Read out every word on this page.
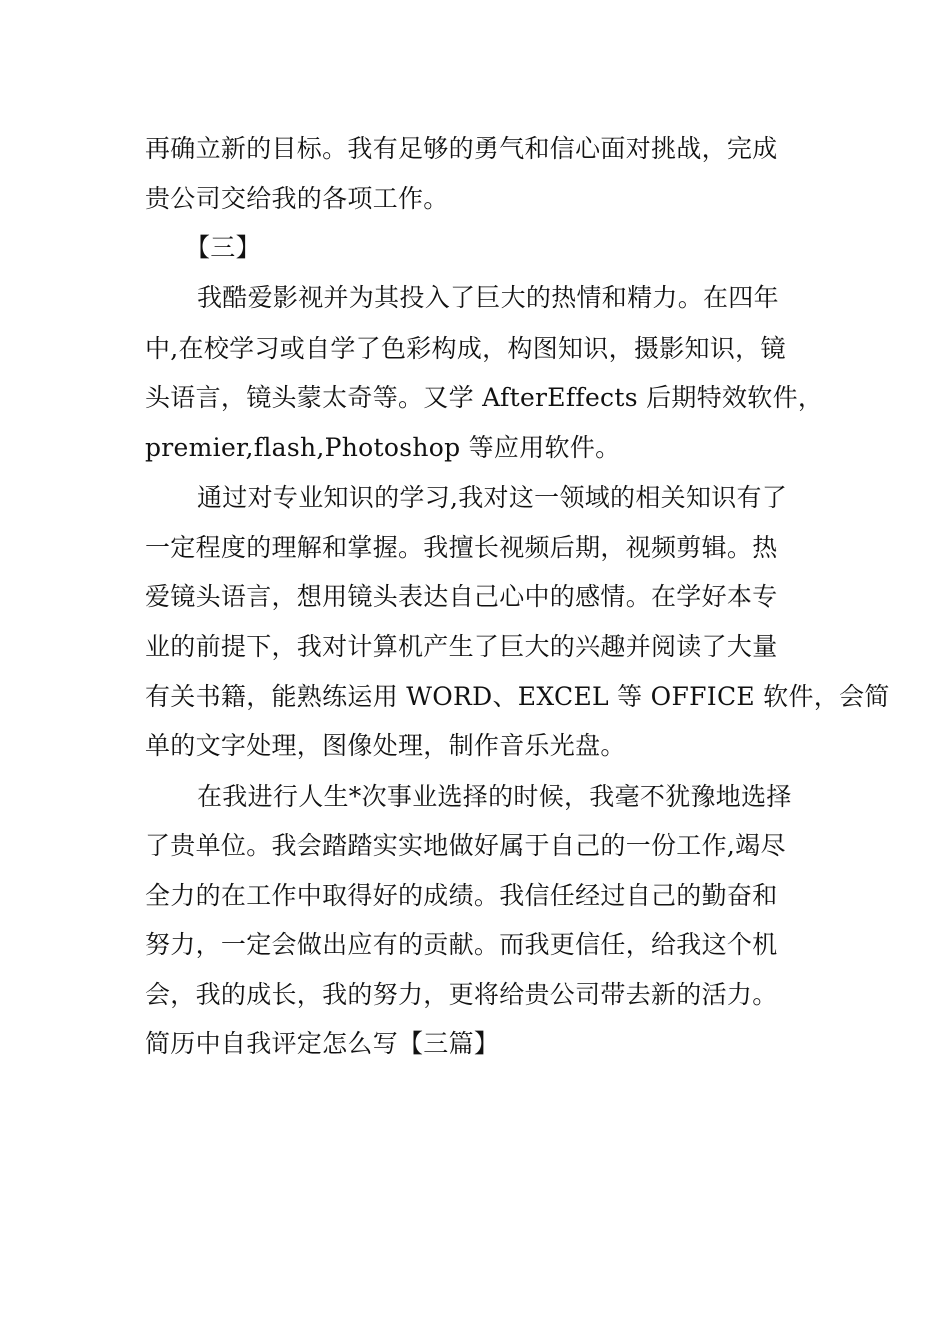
再确立新的目标。我有足够的勇气和信心面对挑战，完成
贵公司交给我的各项工作。
【三】
我酷爱影视并为其投入了巨大的热情和精力。在四年
中,在校学习或自学了色彩构成，构图知识，摄影知识，镜
头语言，镜头蒙太奇等。又学 AfterEffects 后期特效软件，
premier,flash,Photoshop 等应用软件。
通过对专业知识的学习,我对这一领域的相关知识有了
一定程度的理解和掌握。我擅长视频后期，视频剪辑。热
爱镜头语言，想用镜头表达自己心中的感情。在学好本专
业的前提下，我对计算机产生了巨大的兴趣并阅读了大量
有关书籍，能熟练运用 WORD、EXCEL 等 OFFICE 软件，会简
单的文字处理，图像处理，制作音乐光盘。
在我进行人生*次事业选择的时候，我毫不犹豫地选择
了贵单位。我会踏踏实实地做好属于自己的一份工作,竭尽
全力的在工作中取得好的成绩。我信任经过自己的勤奋和
努力，一定会做出应有的贡献。而我更信任，给我这个机
会，我的成长，我的努力，更将给贵公司带去新的活力。
简历中自我评定怎么写【三篇】
